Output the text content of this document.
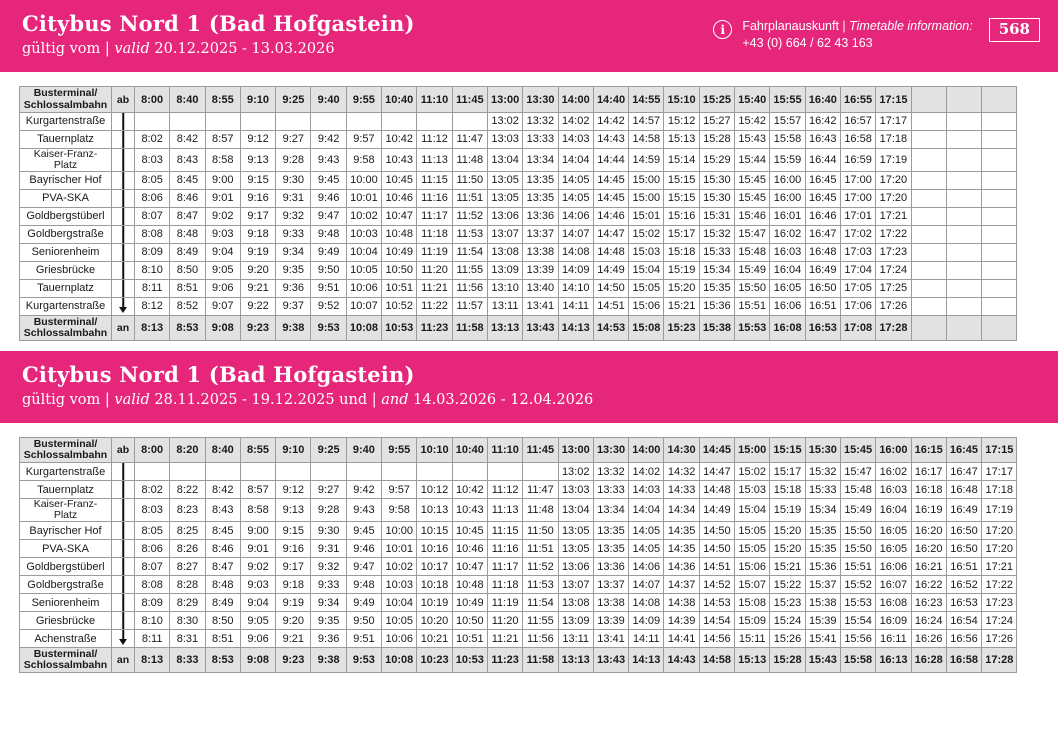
Citybus Nord 1 (Bad Hofgastein)
gültig vom | valid 20.12.2025 - 13.03.2026
i	Fahrplanauskunft | Timetable information:
+43 (0) 664 / 62 43 163
568
Busterminal/
Schlossalmbahn	ab	8:00	8:40	8:55	9:10	9:25	9:40	9:55	10:40	11:10	11:45	13:00	13:30	14:00	14:40	14:55	15:10	15:25	15:40	15:55	16:40	16:55	17:15			
Kurgartenstraße												13:02	13:32	14:02	14:42	14:57	15:12	15:27	15:42	15:57	16:42	16:57	17:17			
Tauernplatz		8:02	8:42	8:57	9:12	9:27	9:42	9:57	10:42	11:12	11:47	13:03	13:33	14:03	14:43	14:58	15:13	15:28	15:43	15:58	16:43	16:58	17:18			
Kaiser-Franz-
Platz		8:03	8:43	8:58	9:13	9:28	9:43	9:58	10:43	11:13	11:48	13:04	13:34	14:04	14:44	14:59	15:14	15:29	15:44	15:59	16:44	16:59	17:19			
Bayrischer Hof		8:05	8:45	9:00	9:15	9:30	9:45	10:00	10:45	11:15	11:50	13:05	13:35	14:05	14:45	15:00	15:15	15:30	15:45	16:00	16:45	17:00	17:20			
PVA-SKA		8:06	8:46	9:01	9:16	9:31	9:46	10:01	10:46	11:16	11:51	13:05	13:35	14:05	14:45	15:00	15:15	15:30	15:45	16:00	16:45	17:00	17:20			
Goldbergstüberl		8:07	8:47	9:02	9:17	9:32	9:47	10:02	10:47	11:17	11:52	13:06	13:36	14:06	14:46	15:01	15:16	15:31	15:46	16:01	16:46	17:01	17:21			
Goldbergstraße		8:08	8:48	9:03	9:18	9:33	9:48	10:03	10:48	11:18	11:53	13:07	13:37	14:07	14:47	15:02	15:17	15:32	15:47	16:02	16:47	17:02	17:22			
Seniorenheim		8:09	8:49	9:04	9:19	9:34	9:49	10:04	10:49	11:19	11:54	13:08	13:38	14:08	14:48	15:03	15:18	15:33	15:48	16:03	16:48	17:03	17:23			
Griesbrücke		8:10	8:50	9:05	9:20	9:35	9:50	10:05	10:50	11:20	11:55	13:09	13:39	14:09	14:49	15:04	15:19	15:34	15:49	16:04	16:49	17:04	17:24			
Tauernplatz		8:11	8:51	9:06	9:21	9:36	9:51	10:06	10:51	11:21	11:56	13:10	13:40	14:10	14:50	15:05	15:20	15:35	15:50	16:05	16:50	17:05	17:25			
Kurgartenstraße		8:12	8:52	9:07	9:22	9:37	9:52	10:07	10:52	11:22	11:57	13:11	13:41	14:11	14:51	15:06	15:21	15:36	15:51	16:06	16:51	17:06	17:26			
Busterminal/
Schlossalmbahn	an	8:13	8:53	9:08	9:23	9:38	9:53	10:08	10:53	11:23	11:58	13:13	13:43	14:13	14:53	15:08	15:23	15:38	15:53	16:08	16:53	17:08	17:28			
Citybus Nord 1 (Bad Hofgastein)
gültig vom | valid 28.11.2025 - 19.12.2025 und | and 14.03.2026 - 12.04.2026
Busterminal/
Schlossalmbahn	ab	8:00	8:20	8:40	8:55	9:10	9:25	9:40	9:55	10:10	10:40	11:10	11:45	13:00	13:30	14:00	14:30	14:45	15:00	15:15	15:30	15:45	16:00	16:15	16:45	17:15
Kurgartenstraße														13:02	13:32	14:02	14:32	14:47	15:02	15:17	15:32	15:47	16:02	16:17	16:47	17:17
Tauernplatz		8:02	8:22	8:42	8:57	9:12	9:27	9:42	9:57	10:12	10:42	11:12	11:47	13:03	13:33	14:03	14:33	14:48	15:03	15:18	15:33	15:48	16:03	16:18	16:48	17:18
Kaiser-Franz-
Platz		8:03	8:23	8:43	8:58	9:13	9:28	9:43	9:58	10:13	10:43	11:13	11:48	13:04	13:34	14:04	14:34	14:49	15:04	15:19	15:34	15:49	16:04	16:19	16:49	17:19
Bayrischer Hof		8:05	8:25	8:45	9:00	9:15	9:30	9:45	10:00	10:15	10:45	11:15	11:50	13:05	13:35	14:05	14:35	14:50	15:05	15:20	15:35	15:50	16:05	16:20	16:50	17:20
PVA-SKA		8:06	8:26	8:46	9:01	9:16	9:31	9:46	10:01	10:16	10:46	11:16	11:51	13:05	13:35	14:05	14:35	14:50	15:05	15:20	15:35	15:50	16:05	16:20	16:50	17:20
Goldbergstüberl		8:07	8:27	8:47	9:02	9:17	9:32	9:47	10:02	10:17	10:47	11:17	11:52	13:06	13:36	14:06	14:36	14:51	15:06	15:21	15:36	15:51	16:06	16:21	16:51	17:21
Goldbergstraße		8:08	8:28	8:48	9:03	9:18	9:33	9:48	10:03	10:18	10:48	11:18	11:53	13:07	13:37	14:07	14:37	14:52	15:07	15:22	15:37	15:52	16:07	16:22	16:52	17:22
Seniorenheim		8:09	8:29	8:49	9:04	9:19	9:34	9:49	10:04	10:19	10:49	11:19	11:54	13:08	13:38	14:08	14:38	14:53	15:08	15:23	15:38	15:53	16:08	16:23	16:53	17:23
Griesbrücke		8:10	8:30	8:50	9:05	9:20	9:35	9:50	10:05	10:20	10:50	11:20	11:55	13:09	13:39	14:09	14:39	14:54	15:09	15:24	15:39	15:54	16:09	16:24	16:54	17:24
Achenstraße		8:11	8:31	8:51	9:06	9:21	9:36	9:51	10:06	10:21	10:51	11:21	11:56	13:11	13:41	14:11	14:41	14:56	15:11	15:26	15:41	15:56	16:11	16:26	16:56	17:26
Busterminal/
Schlossalmbahn	an	8:13	8:33	8:53	9:08	9:23	9:38	9:53	10:08	10:23	10:53	11:23	11:58	13:13	13:43	14:13	14:43	14:58	15:13	15:28	15:43	15:58	16:13	16:28	16:58	17:28
